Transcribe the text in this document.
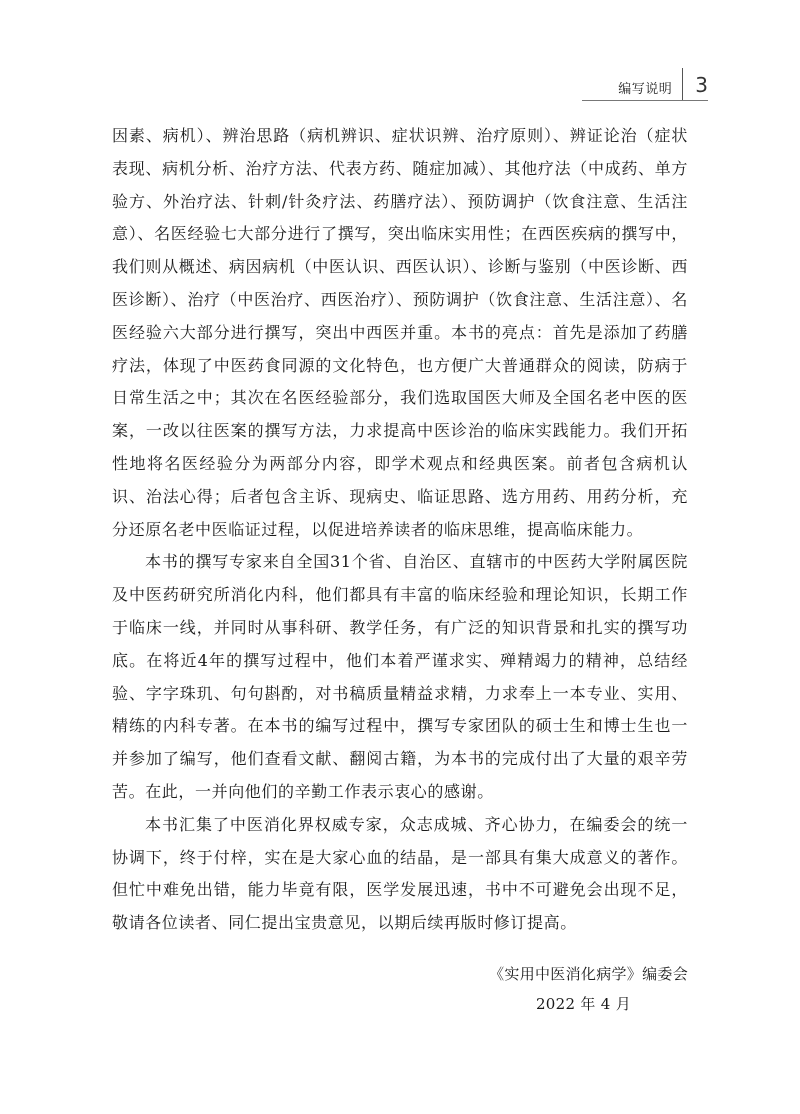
编写说明 3

因素、病机）、辨治思路（病机辨识、症状识辨、治疗原则）、辨证论治（症状表现、病机分析、治疗方法、代表方药、随症加减）、其他疗法（中成药、单方验方、外治疗法、针刺/针灸疗法、药膳疗法）、预防调护（饮食注意、生活注意）、名医经验七大部分进行了撰写，突出临床实用性；在西医疾病的撰写中，我们则从概述、病因病机（中医认识、西医认识）、诊断与鉴别（中医诊断、西医诊断）、治疗（中医治疗、西医治疗）、预防调护（饮食注意、生活注意）、名医经验六大部分进行撰写，突出中西医并重。本书的亮点：首先是添加了药膳疗法，体现了中医药食同源的文化特色，也方便广大普通群众的阅读，防病于日常生活之中；其次在名医经验部分，我们选取国医大师及全国名老中医的医案，一改以往医案的撰写方法，力求提高中医诊治的临床实践能力。我们开拓性地将名医经验分为两部分内容，即学术观点和经典医案。前者包含病机认识、治法心得；后者包含主诉、现病史、临证思路、选方用药、用药分析，充分还原名老中医临证过程，以促进培养读者的临床思维，提高临床能力。

本书的撰写专家来自全国31个省、自治区、直辖市的中医药大学附属医院及中医药研究所消化内科，他们都具有丰富的临床经验和理论知识，长期工作于临床一线，并同时从事科研、教学任务，有广泛的知识背景和扎实的撰写功底。在将近4年的撰写过程中，他们本着严谨求实、殚精竭力的精神，总结经验、字字珠玑、句句斟酌，对书稿质量精益求精，力求奉上一本专业、实用、精练的内科专著。在本书的编写过程中，撰写专家团队的硕士生和博士生也一并参加了编写，他们查看文献、翻阅古籍，为本书的完成付出了大量的艰辛劳苦。在此，一并向他们的辛勤工作表示衷心的感谢。

本书汇集了中医消化界权威专家，众志成城、齐心协力，在编委会的统一协调下，终于付梓，实在是大家心血的结晶，是一部具有集大成意义的著作。但忙中难免出错，能力毕竟有限，医学发展迅速，书中不可避免会出现不足，敬请各位读者、同仁提出宝贵意见，以期后续再版时修订提高。

《实用中医消化病学》编委会
2022 年 4 月
